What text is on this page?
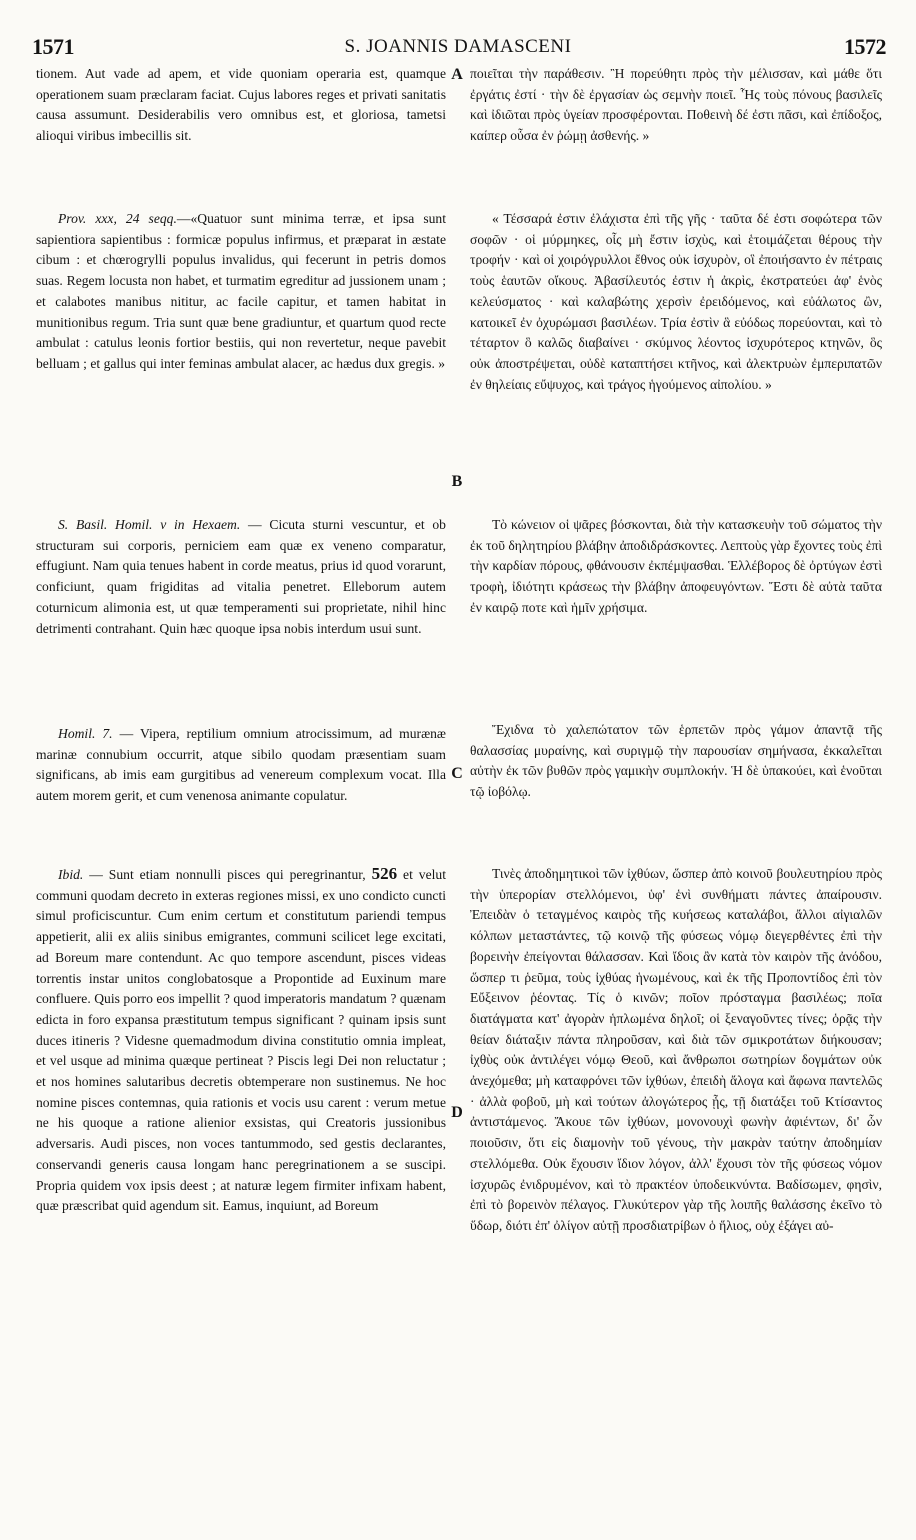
1571	S. JOANNIS DAMASCENI	1572
A
B
C
D

tionem. Aut vade ad apem, et vide quoniam operaria est, quamque operationem suam præclaram faciat. Cujus labores reges et privati sanitatis causa assumunt. Desiderabilis vero omnibus est, et gloriosa, tametsi alioqui viribus imbecillis sit.

Prov. xxx, 24 seqq.—«Quatuor sunt minima terræ, et ipsa sunt sapientiora sapientibus : formicæ populus infirmus, et præparat in æstate cibum : et chœrogrylli populus invalidus, qui fecerunt in petris domos suas. Regem locusta non habet, et turmatim egreditur ad jussionem unam ; et calabotes manibus nititur, ac facile capitur, et tamen habitat in munitionibus regum. Tria sunt quæ bene gradiuntur, et quartum quod recte ambulat : catulus leonis fortior bestiis, qui non revertetur, neque pavebit belluam ; et gallus qui inter feminas ambulat alacer, ac hædus dux gregis. »

S. Basil. Homil. v in Hexaem. — Cicuta sturni vescuntur, et ob structuram sui corporis, perniciem eam quæ ex veneno comparatur, effugiunt. Nam quia tenues habent in corde meatus, prius id quod vorarunt, conficiunt, quam frigiditas ad vitalia penetret. Elleborum autem coturnicum alimonia est, ut quæ temperamenti sui proprietate, nihil hinc detrimenti contrahant. Quin hæc quoque ipsa nobis interdum usui sunt.

Homil. 7. — Vipera, reptilium omnium atrocissimum, ad murænæ marinæ connubium occurrit, atque sibilo quodam præsentiam suam significans, ab imis eam gurgitibus ad venereum complexum vocat. Illa autem morem gerit, et cum venenosa animante copulatur.

Ibid. — Sunt etiam nonnulli pisces qui peregrinantur, 526 et velut communi quodam decreto in exteras regiones missi, ex uno condicto cuncti simul proficiscuntur. Cum enim certum et constitutum pariendi tempus appetierit, alii ex aliis sinibus emigrantes, communi scilicet lege excitati, ad Boreum mare contendunt. Ac quo tempore ascendunt, pisces videas torrentis instar unitos conglobatosque a Propontide ad Euxinum mare confluere. Quis porro eos impellit ? quod imperatoris mandatum ? quænam edicta in foro expansa præstitutum tempus significant ? quinam ipsis sunt duces itineris ? Videsne quemadmodum divina constitutio omnia impleat, et vel usque ad minima quæque pertineat ? Piscis legi Dei non reluctatur ; et nos homines salutaribus decretis obtemperare non sustinemus. Ne hoc nomine pisces contemnas, quia rationis et vocis usu carent : verum metue ne his quoque a ratione alienior exsistas, qui Creatoris jussionibus adversaris. Audi pisces, non voces tantummodo, sed gestis declarantes, conservandi generis causa longam hanc peregrinationem a se suscipi. Propria quidem vox ipsis deest ; at naturæ legem firmiter infixam habent, quæ præscribat quid agendum sit. Eamus, inquiunt, ad Boreum

ποιεῖται τὴν παράθεσιν. Ἢ πορεύθητι πρὸς τὴν μέλισσαν, καὶ μάθε ὅτι ἐργάτις ἐστί · τὴν δὲ ἐργασίαν ὡς σεμνὴν ποιεῖ. Ἧς τοὺς πόνους βασιλεῖς καὶ ἰδιῶται πρὸς ὑγείαν προσφέρονται. Ποθεινὴ δέ ἐστι πᾶσι, καὶ ἐπίδοξος, καίπερ οὖσα ἐν ῥώμῃ ἀσθενής. »

« Τέσσαρά ἐστιν ἐλάχιστα ἐπὶ τῆς γῆς · ταῦτα δέ ἐστι σοφώτερα τῶν σοφῶν · οἱ μύρμηκες, οἷς μὴ ἔστιν ἰσχὺς, καὶ ἑτοιμάζεται θέρους τὴν τροφήν · καὶ οἱ χοιρόγρυλλοι ἔθνος οὐκ ἰσχυρὸν, οἳ ἐποιήσαντο ἐν πέτραις τοὺς ἑαυτῶν οἴκους. Ἀβασίλευτός ἐστιν ἡ ἀκρὶς, ἐκστρατεύει ἀφ' ἑνὸς κελεύσματος · καὶ καλαβώτης χερσὶν ἐρειδόμενος, καὶ εὐάλωτος ὢν, κατοικεῖ ἐν ὀχυρώμασι βασιλέων. Τρία ἐστὶν ἃ εὐόδως πορεύονται, καὶ τὸ τέταρτον ὃ καλῶς διαβαίνει · σκύμνος λέοντος ἰσχυρότερος κτηνῶν, ὃς οὐκ ἀποστρέψεται, οὐδὲ καταπτήσει κτῆνος, καὶ ἀλεκτρυὼν ἐμπεριπατῶν ἐν θηλείαις εὔψυχος, καὶ τράγος ἡγούμενος αἰπολίου. »

Τὸ κώνειον οἱ ψᾶρες βόσκονται, διὰ τὴν κατασκευὴν τοῦ σώματος τὴν ἐκ τοῦ δηλητηρίου βλάβην ἀποδιδράσκοντες. Λεπτοὺς γὰρ ἔχοντες τοὺς ἐπὶ τὴν καρδίαν πόρους, φθάνουσιν ἐκπέμψασθαι. Ἑλλέβορος δὲ ὀρτύγων ἐστὶ τροφὴ, ἰδιότητι κράσεως τὴν βλάβην ἀποφευγόντων. Ἔστι δὲ αὐτὰ ταῦτα ἐν καιρῷ ποτε καὶ ἡμῖν χρήσιμα.

Ἔχιδνα τὸ χαλεπώτατον τῶν ἑρπετῶν πρὸς γάμον ἀπαντᾷ τῆς θαλασσίας μυραίνης, καὶ συριγμῷ τὴν παρουσίαν σημήνασα, ἐκκαλεῖται αὐτὴν ἐκ τῶν βυθῶν πρὸς γαμικὴν συμπλοκήν. Ἡ δὲ ὑπακούει, καὶ ἑνοῦται τῷ ἰοβόλῳ.

Τινὲς ἀποδημητικοὶ τῶν ἰχθύων, ὥσπερ ἀπὸ κοινοῦ βουλευτηρίου πρὸς τὴν ὑπερορίαν στελλόμενοι, ὑφ' ἑνὶ συνθήματι πάντες ἀπαίρουσιν. Ἐπειδὰν ὁ τεταγμένος καιρὸς τῆς κυήσεως καταλάβοι, ἄλλοι αἰγιαλῶν κόλπων μεταστάντες, τῷ κοινῷ τῆς φύσεως νόμῳ διεγερθέντες ἐπὶ τὴν βορεινὴν ἐπείγονται θάλασσαν. Καὶ ἴδοις ἂν κατὰ τὸν καιρὸν τῆς ἀνόδου, ὥσπερ τι ῥεῦμα, τοὺς ἰχθύας ἡνωμένους, καὶ ἐκ τῆς Προποντίδος ἐπὶ τὸν Εὔξεινον ῥέοντας. Τίς ὁ κινῶν; ποῖον πρόσταγμα βασιλέως; ποῖα διατάγματα κατ' ἀγορὰν ἡπλωμένα δηλοῖ; οἱ ξεναγοῦντες τίνες; ὁρᾷς τὴν θείαν διάταξιν πάντα πληροῦσαν, καὶ διὰ τῶν σμικροτάτων διήκουσαν; ἰχθὺς οὐκ ἀντιλέγει νόμῳ Θεοῦ, καὶ ἄνθρωποι σωτηρίων δογμάτων οὐκ ἀνεχόμεθα; μὴ καταφρόνει τῶν ἰχθύων, ἐπειδὴ ἄλογα καὶ ἄφωνα παντελῶς · ἀλλὰ φοβοῦ, μὴ καὶ τούτων ἀλογώτερος ᾖς, τῇ διατάξει τοῦ Κτίσαντος ἀντιστάμενος. Ἄκουε τῶν ἰχθύων, μονονουχὶ φωνὴν ἀφιέντων, δι' ὧν ποιοῦσιν, ὅτι εἰς διαμονὴν τοῦ γένους, τὴν μακρὰν ταύτην ἀποδημίαν στελλόμεθα. Οὐκ ἔχουσιν ἴδιον λόγον, ἀλλ' ἔχουσι τὸν τῆς φύσεως νόμον ἰσχυρῶς ἐνιδρυμένον, καὶ τὸ πρακτέον ὑποδεικνύντα. Βαδίσωμεν, φησὶν, ἐπὶ τὸ βορεινὸν πέλαγος. Γλυκύτερον γὰρ τῆς λοιπῆς θαλάσσης ἐκεῖνο τὸ ὕδωρ, διότι ἐπ' ὀλίγον αὐτῇ προσδιατρίβων ὁ ἥλιος, οὐχ ἐξάγει αὐ-
